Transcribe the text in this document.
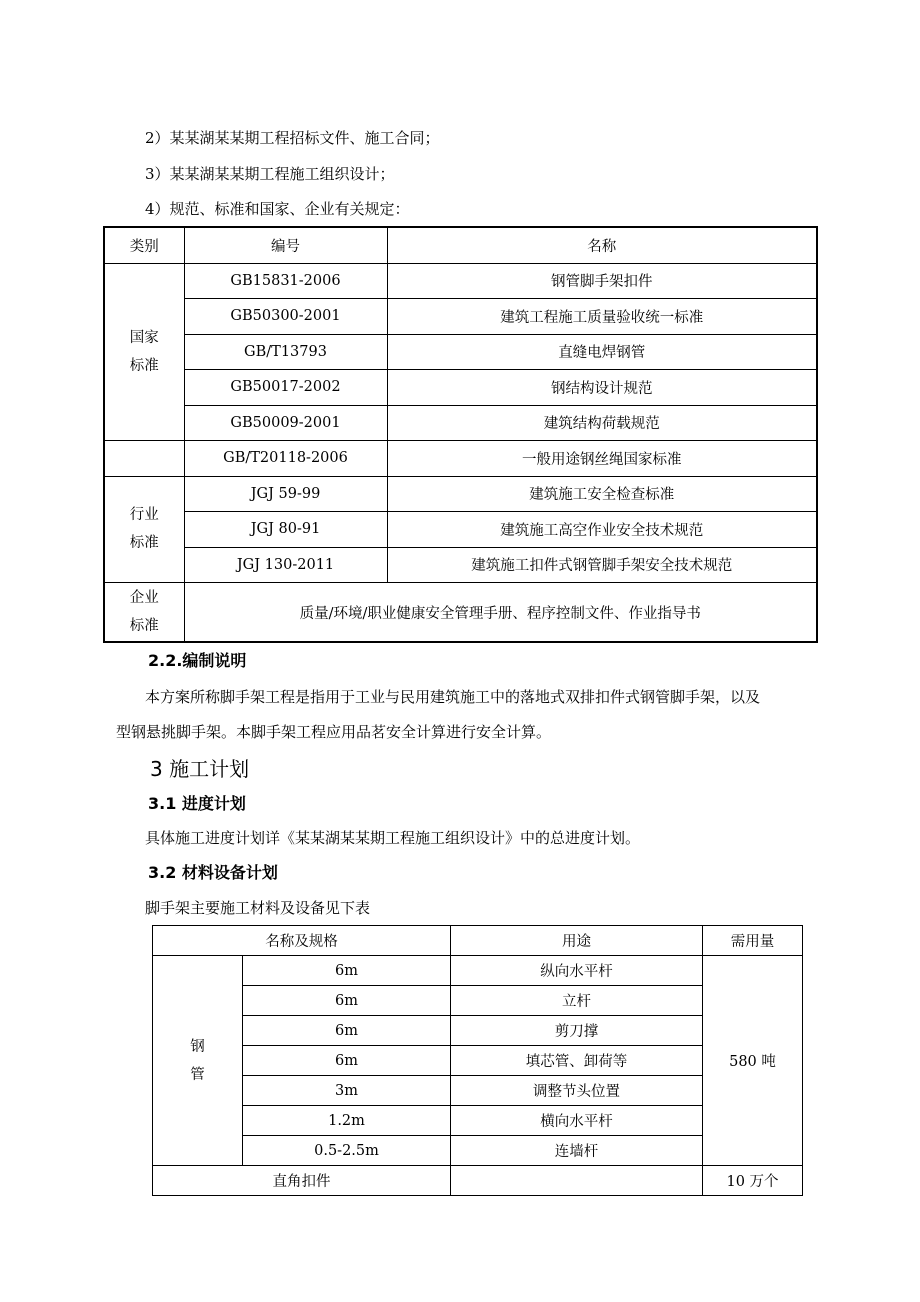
2）某某湖某某期工程招标文件、施工合同；
3）某某湖某某期工程施工组织设计；
4）规范、标准和国家、企业有关规定：
类别	编号	名称

国家
标准	GB15831-2006	钢管脚手架扣件
	GB50300-2001	建筑工程施工质量验收统一标准
	GB/T13793	直缝电焊钢管
	GB50017-2002	钢结构设计规范
	GB50009-2001	建筑结构荷载规范
	GB/T20118-2006	一般用途钢丝绳国家标准

行业
标准	JGJ 59-99	建筑施工安全检查标准
	JGJ 80-91	建筑施工高空作业安全技术规范
	JGJ 130-2011	建筑施工扣件式钢管脚手架安全技术规范

企业
标准	质量/环境/职业健康安全管理手册、程序控制文件、作业指导书	
2.2.编制说明
本方案所称脚手架工程是指用于工业与民用建筑施工中的落地式双排扣件式钢管脚手架，以及
型钢悬挑脚手架。本脚手架工程应用品茗安全计算进行安全计算。
3 施工计划
3.1 进度计划
具体施工进度计划详《某某湖某某期工程施工组织设计》中的总进度计划。
3.2 材料设备计划
脚手架主要施工材料及设备见下表
名称及规格		用途	需用量

钢
管	6m	纵向水平杆	580 吨
	6m	立杆	
	6m	剪刀撑	
	6m	填芯管、卸荷等	
	3m	调整节头位置	
	1.2m	横向水平杆	
	0.5-2.5m	连墙杆	
直角扣件			10 万个
